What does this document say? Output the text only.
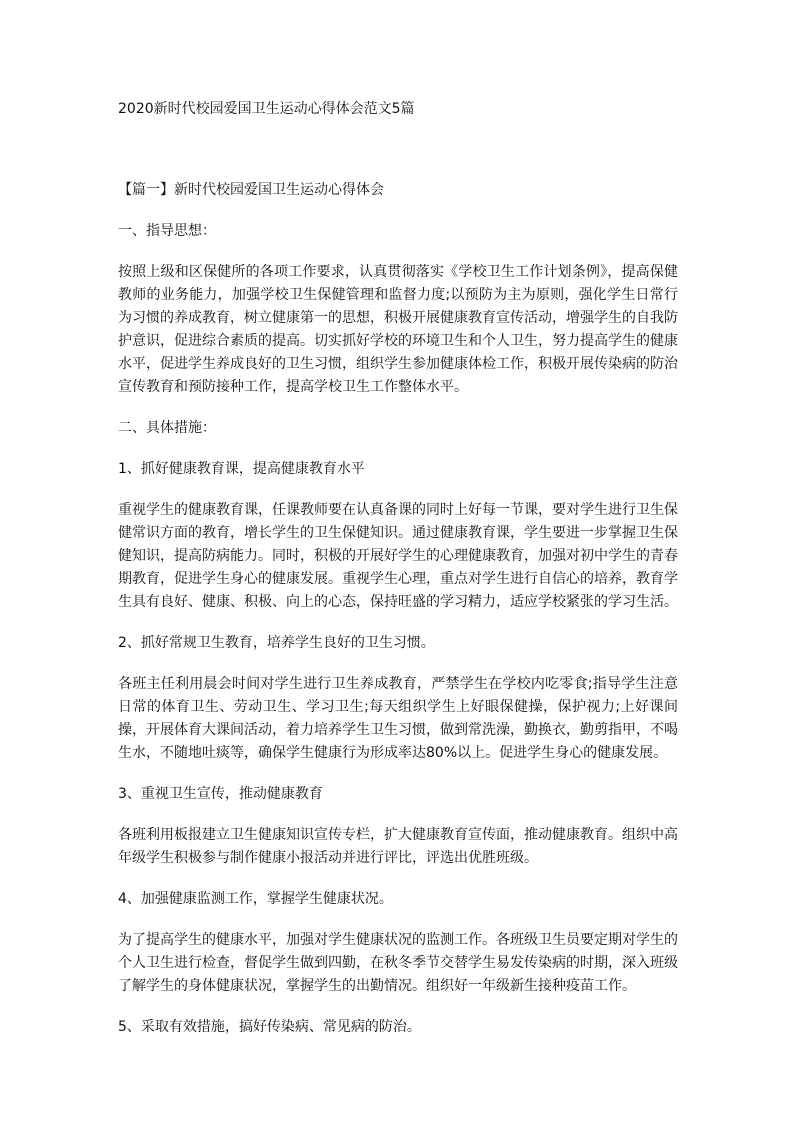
2020新时代校园爱国卫生运动心得体会范文5篇

【篇一】新时代校园爱国卫生运动心得体会

一、指导思想：

按照上级和区保健所的各项工作要求，认真贯彻落实《学校卫生工作计划条例》，提高保健教师的业务能力，加强学校卫生保健管理和监督力度;以预防为主为原则，强化学生日常行为习惯的养成教育，树立健康第一的思想，积极开展健康教育宣传活动，增强学生的自我防护意识，促进综合素质的提高。切实抓好学校的环境卫生和个人卫生，努力提高学生的健康水平，促进学生养成良好的卫生习惯，组织学生参加健康体检工作，积极开展传染病的防治宣传教育和预防接种工作，提高学校卫生工作整体水平。

二、具体措施：

1、抓好健康教育课，提高健康教育水平

重视学生的健康教育课，任课教师要在认真备课的同时上好每一节课，要对学生进行卫生保健常识方面的教育，增长学生的卫生保健知识。通过健康教育课，学生要进一步掌握卫生保健知识，提高防病能力。同时，积极的开展好学生的心理健康教育，加强对初中学生的青春期教育，促进学生身心的健康发展。重视学生心理，重点对学生进行自信心的培养，教育学生具有良好、健康、积极、向上的心态，保持旺盛的学习精力，适应学校紧张的学习生活。

2、抓好常规卫生教育，培养学生良好的卫生习惯。

各班主任利用晨会时间对学生进行卫生养成教育，严禁学生在学校内吃零食;指导学生注意日常的体育卫生、劳动卫生、学习卫生;每天组织学生上好眼保健操，保护视力;上好课间操，开展体育大课间活动，着力培养学生卫生习惯，做到常洗澡，勤换衣，勤剪指甲，不喝生水，不随地吐痰等，确保学生健康行为形成率达80%以上。促进学生身心的健康发展。

3、重视卫生宣传，推动健康教育

各班利用板报建立卫生健康知识宣传专栏，扩大健康教育宣传面，推动健康教育。组织中高年级学生积极参与制作健康小报活动并进行评比，评选出优胜班级。

4、加强健康监测工作，掌握学生健康状况。

为了提高学生的健康水平，加强对学生健康状况的监测工作。各班级卫生员要定期对学生的个人卫生进行检查，督促学生做到四勤，在秋冬季节交替学生易发传染病的时期，深入班级了解学生的身体健康状况，掌握学生的出勤情况。组织好一年级新生接种疫苗工作。

5、采取有效措施，搞好传染病、常见病的防治。
